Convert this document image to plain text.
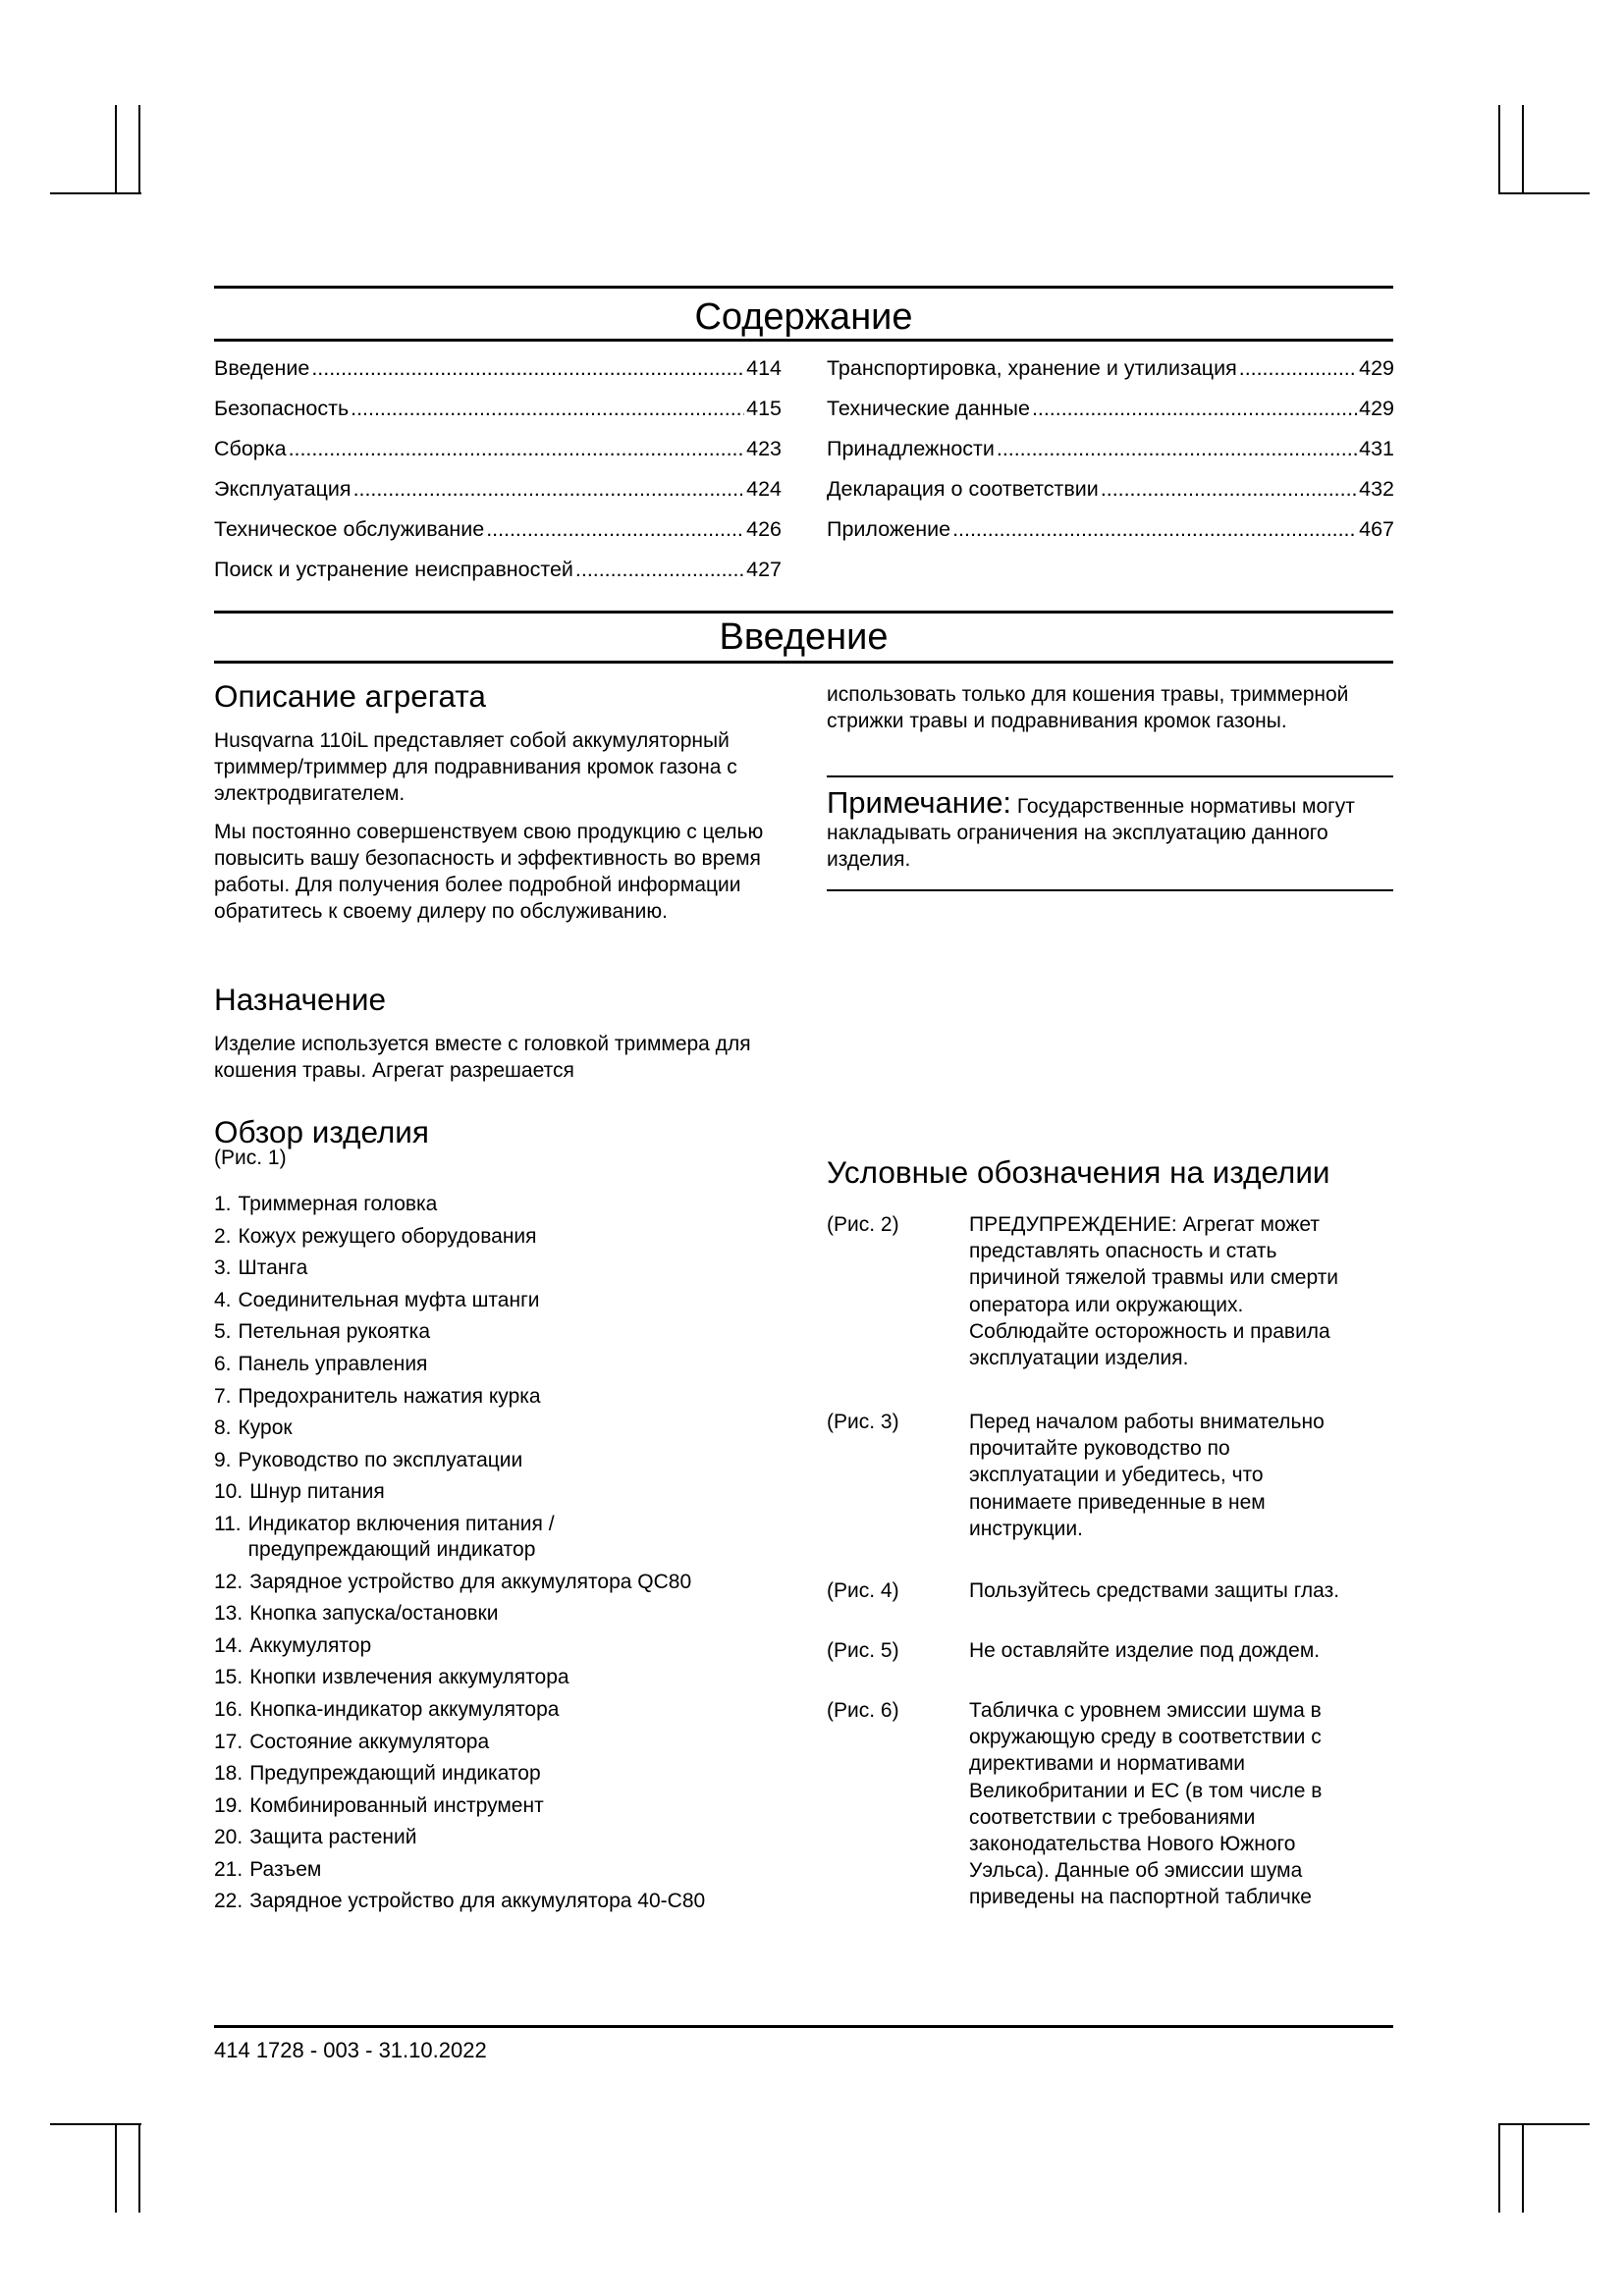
Содержание
Введение . . .	414
Безопасность . . .	415
Сборка . . .	423
Эксплуатация . . .	424
Техническое обслуживание . . .	426
Поиск и устранение неисправностей . . .	427
Транспортировка, хранение и утилизация . . .	429
Технические данные . . .	429
Принадлежности . . .	431
Декларация о соответствии . . .	432
Приложение . . .	467
Введение
Описание агрегата

Husqvarna 110iL представляет собой аккумуляторный триммер/триммер для подравнивания кромок газона с электродвигателем.

Мы постоянно совершенствуем свою продукцию с целью повысить вашу безопасность и эффективность во время работы. Для получения более подробной информации обратитесь к своему дилеру по обслуживанию.

Назначение

Изделие используется вместе с головкой триммера для кошения травы. Агрегат разрешается

Обзор изделия

(Рис. 1)

1. Триммерная головка
2. Кожух режущего оборудования
3. Штанга
4. Соединительная муфта штанги
5. Петельная рукоятка
6. Панель управления
7. Предохранитель нажатия курка
8. Курок
9. Руководство по эксплуатации
10. Шнур питания
11. Индикатор включения питания / предупреждающий индикатор
12. Зарядное устройство для аккумулятора QC80
13. Кнопка запуска/остановки
14. Аккумулятор
15. Кнопки извлечения аккумулятора
16. Кнопка-индикатор аккумулятора
17. Состояние аккумулятора
18. Предупреждающий индикатор
19. Комбинированный инструмент
20. Защита растений
21. Разъем
22. Зарядное устройство для аккумулятора 40-C80

использовать только для кошения травы, триммерной стрижки травы и подравнивания кромок газоны.

Примечание: Государственные нормативы могут накладывать ограничения на эксплуатацию данного изделия.

Условные обозначения на изделии
(Рис. 2)	ПРЕДУПРЕЖДЕНИЕ: Агрегат может представлять опасность и стать причиной тяжелой травмы или смерти оператора или окружающих. Соблюдайте осторожность и правила эксплуатации изделия.
(Рис. 3)	Перед началом работы внимательно прочитайте руководство по эксплуатации и убедитесь, что понимаете приведенные в нем инструкции.
(Рис. 4)	Пользуйтесь средствами защиты глаз.
(Рис. 5)	Не оставляйте изделие под дождем.
(Рис. 6)	Табличка с уровнем эмиссии шума в окружающую среду в соответствии с директивами и нормативами Великобритании и ЕС (в том числе в соответствии с требованиями законодательства Нового Южного Уэльса). Данные об эмиссии шума приведены на паспортной табличке
414 1728 - 003 - 31.10.2022
